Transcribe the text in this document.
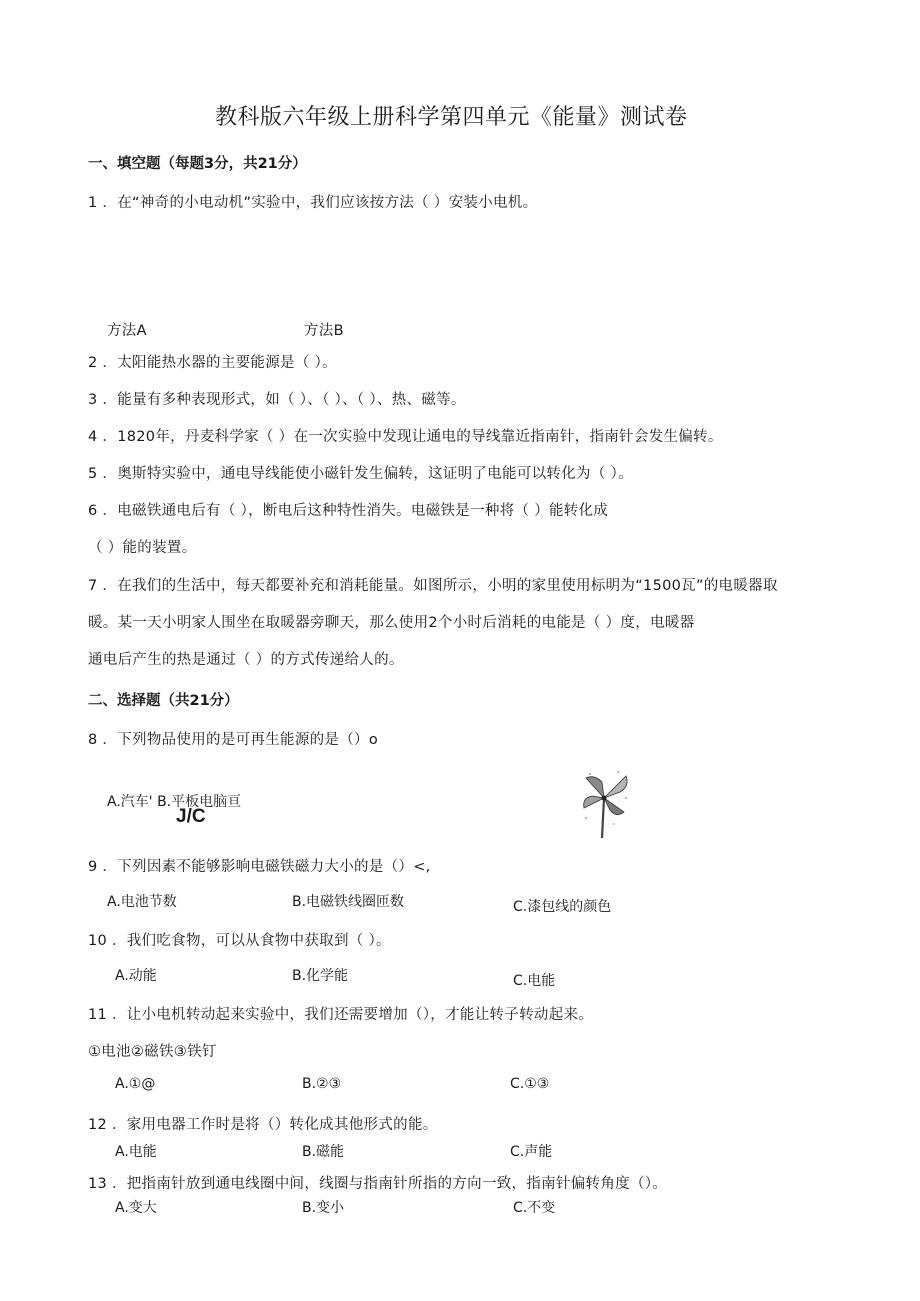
教科版六年级上册科学第四单元《能量》测试卷
一、填空题（每题3分，共21分）
1 ．在“神奇的小电动机”实验中，我们应该按方法（ ）安装小电机。
方法A	方法B
2 ．太阳能热水器的主要能源是（ ）。
3 ．能量有多种表现形式，如（ ）、（ ）、（ ）、热、磁等。
4 ．1820年，丹麦科学家（ ）在一次实验中发现让通电的导线靠近指南针，指南针会发生偏转。
5 ．奥斯特实验中，通电导线能使小磁针发生偏转，这证明了电能可以转化为（ ）。
6 ．电磁铁通电后有（ ），断电后这种特性消失。电磁铁是一种将（ ）能转化成
（ ）能的装置。
7 ．在我们的生活中，每天都要补充和消耗能量。如图所示，小明的家里使用标明为“1500瓦”的电暖器取
暖。某一天小明家人围坐在取暖器旁聊天，那么使用2个小时后消耗的电能是（ ）度，电暖器
通电后产生的热是通过（ ）的方式传递给人的。
二、选择题（共21分）
8 ．下列物品使用的是可再生能源的是（）o
A.汽车' B.平板电脑亘
J/C
9 ．下列因素不能够影响电磁铁磁力大小的是（）<,
A.电池节数	B.电磁铁线圈匝数	C.漆包线的颜色
10 ．我们吃食物，可以从食物中获取到（ ）。
A.动能	B.化学能	C.电能
11 ．让小电机转动起来实验中，我们还需要增加（），才能让转子转动起来。
①电池②磁铁③铁钉
A.①@	B.②③	C.①③
12 ．家用电器工作时是将（）转化成其他形式的能。
A.电能	B.磁能	C.声能
13 ．把指南针放到通电线圈中间，线圈与指南针所指的方向一致，指南针偏转角度（）。
A.变大	B.变小	C.不变
